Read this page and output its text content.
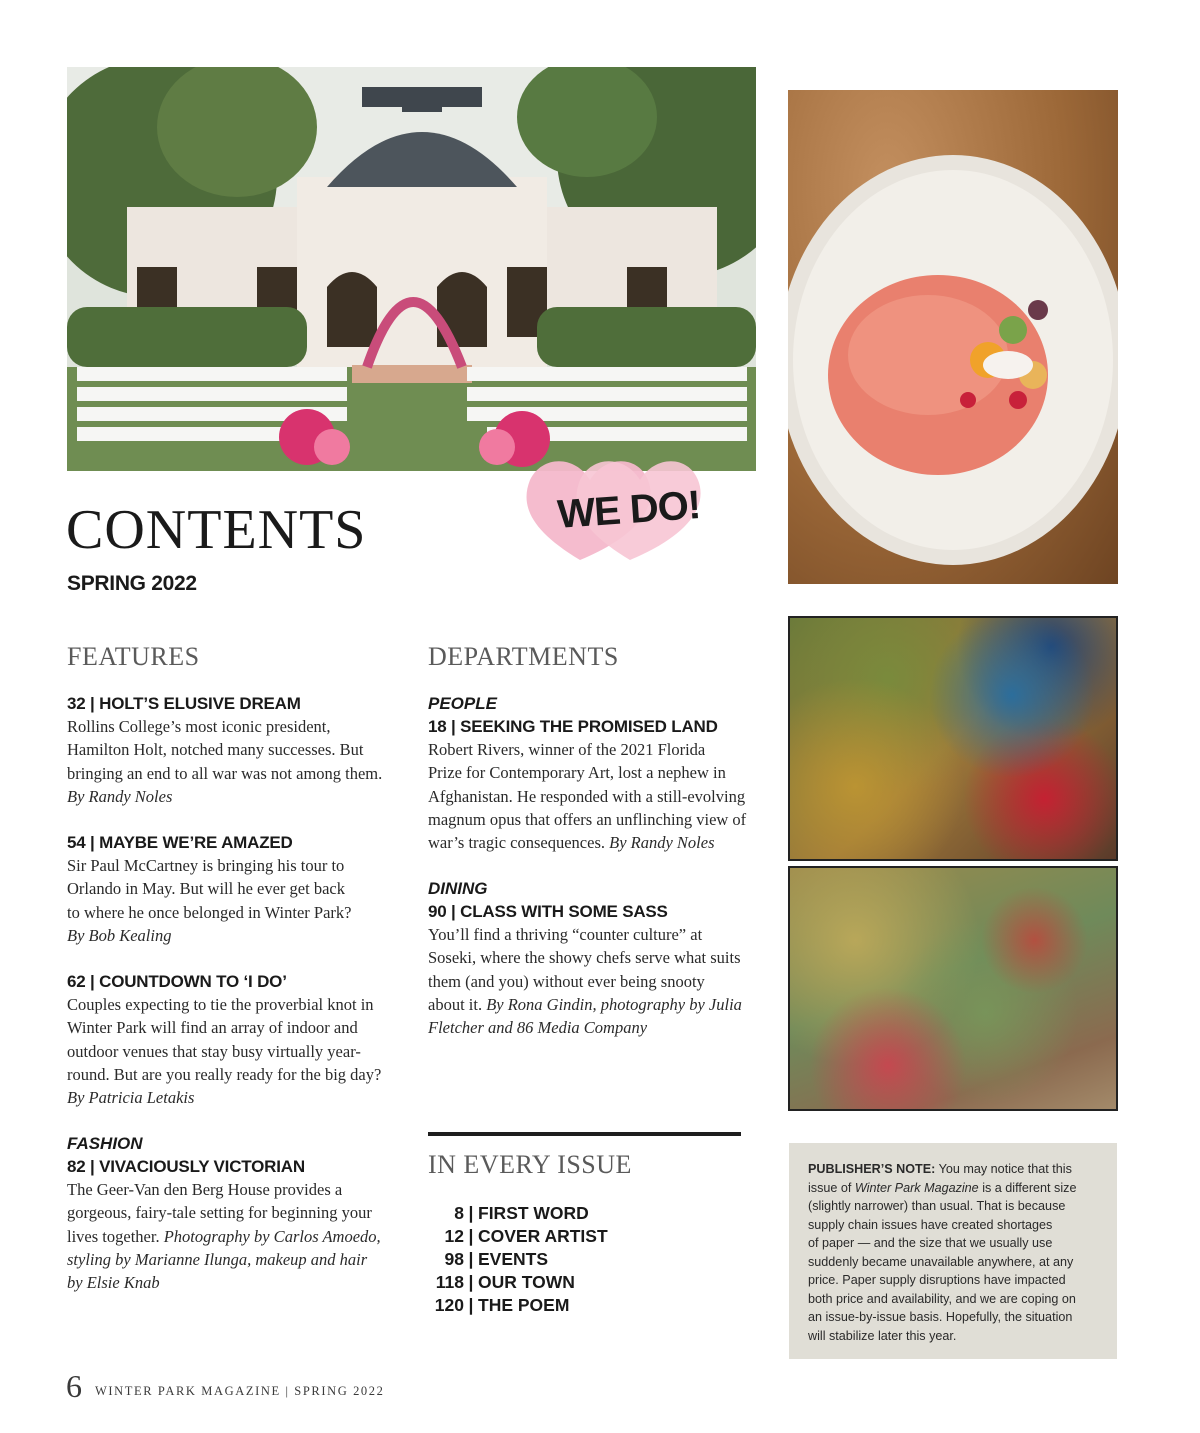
CONTENTS
SPRING 2022
WE DO!
FEATURES
32 | HOLT’S ELUSIVE DREAM
Rollins College’s most iconic president,
Hamilton Holt, notched many successes. But
bringing an end to all war was not among them.
By Randy Noles
54 | MAYBE WE’RE AMAZED
Sir Paul McCartney is bringing his tour to
Orlando in May. But will he ever get back
to where he once belonged in Winter Park?
By Bob Kealing
62 | COUNTDOWN TO ‘I DO’
Couples expecting to tie the proverbial knot in
Winter Park will find an array of indoor and
outdoor venues that stay busy virtually year-
round. But are you really ready for the big day?
By Patricia Letakis
FASHION
82 | VIVACIOUSLY VICTORIAN
The Geer-Van den Berg House provides a
gorgeous, fairy-tale setting for beginning your
lives together. Photography by Carlos Amoedo,
styling by Marianne Ilunga, makeup and hair
by Elsie Knab
DEPARTMENTS
PEOPLE
18 | SEEKING THE PROMISED LAND
Robert Rivers, winner of the 2021 Florida
Prize for Contemporary Art, lost a nephew in
Afghanistan. He responded with a still-evolving
magnum opus that offers an unflinching view of
war’s tragic consequences. By Randy Noles
DINING
90 | CLASS WITH SOME SASS
You’ll find a thriving “counter culture” at
Soseki, where the showy chefs serve what suits
them (and you) without ever being snooty
about it. By Rona Gindin, photography by Julia
Fletcher and 86 Media Company
IN EVERY ISSUE
8 | FIRST WORD
12 | COVER ARTIST
98 | EVENTS
118 | OUR TOWN
120 | THE POEM
PUBLISHER’S NOTE: You may notice that this
issue of Winter Park Magazine is a different size
(slightly narrower) than usual. That is because
supply chain issues have created shortages
of paper — and the size that we usually use
suddenly became unavailable anywhere, at any
price. Paper supply disruptions have impacted
both price and availability, and we are coping on
an issue-by-issue basis. Hopefully, the situation
will stabilize later this year.
6 WINTER PARK MAGAZINE | SPRING 2022
